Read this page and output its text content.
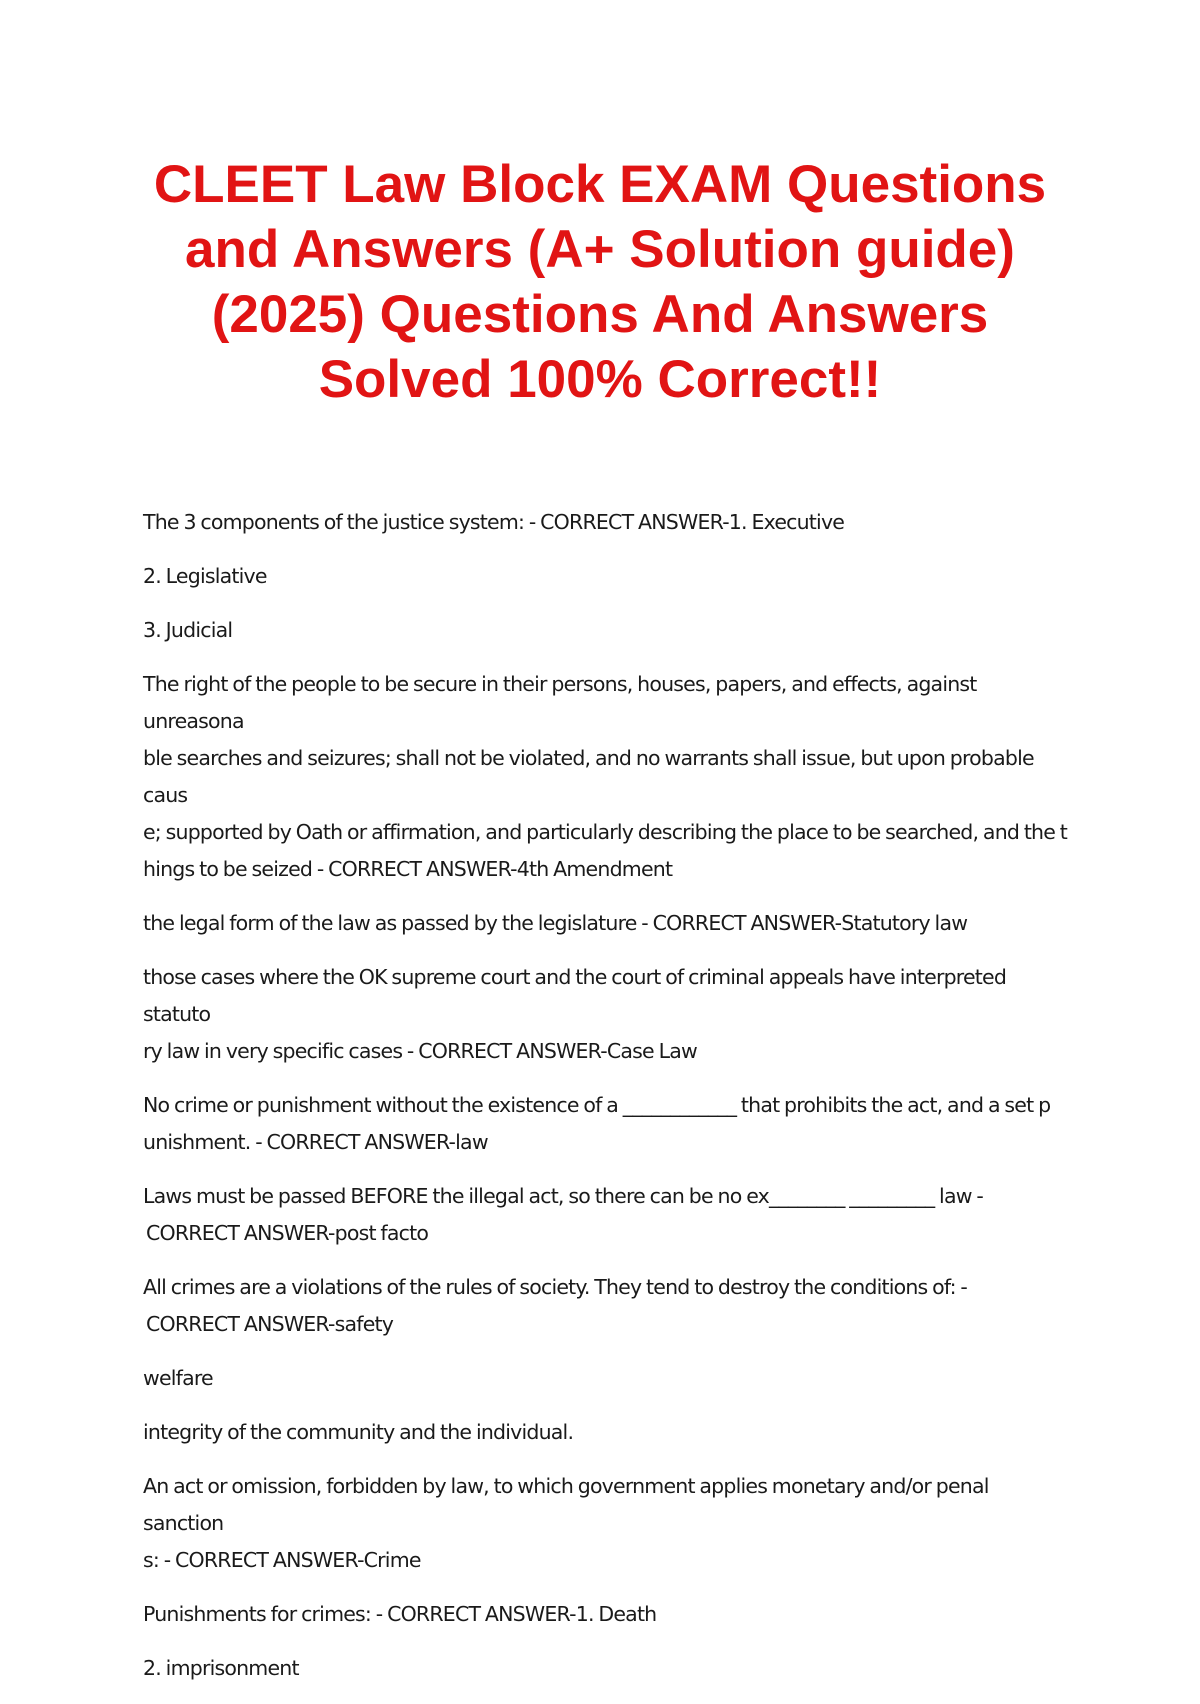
CLEET Law Block EXAM Questions
and Answers (A+ Solution guide)
(2025) Questions And Answers
Solved 100% Correct!!

The 3 components of the justice system: - CORRECT ANSWER-1. Executive

2. Legislative

3. Judicial

The right of the people to be secure in their persons, houses, papers, and effects, against unreasona
ble searches and seizures; shall not be violated, and no warrants shall issue, but upon probable caus
e; supported by Oath or affirmation, and particularly describing the place to be searched, and the t
hings to be seized - CORRECT ANSWER-4th Amendment

the legal form of the law as passed by the legislature - CORRECT ANSWER-Statutory law

those cases where the OK supreme court and the court of criminal appeals have interpreted statuto
ry law in very specific cases - CORRECT ANSWER-Case Law

No crime or punishment without the existence of a ____________ that prohibits the act, and a set p
unishment. - CORRECT ANSWER-law

Laws must be passed BEFORE the illegal act, so there can be no ex________ _________ law -
CORRECT ANSWER-post facto

All crimes are a violations of the rules of society. They tend to destroy the conditions of: -
CORRECT ANSWER-safety

welfare

integrity of the community and the individual.

An act or omission, forbidden by law, to which government applies monetary and/or penal sanction
s: - CORRECT ANSWER-Crime

Punishments for crimes: - CORRECT ANSWER-1. Death

2. imprisonment
